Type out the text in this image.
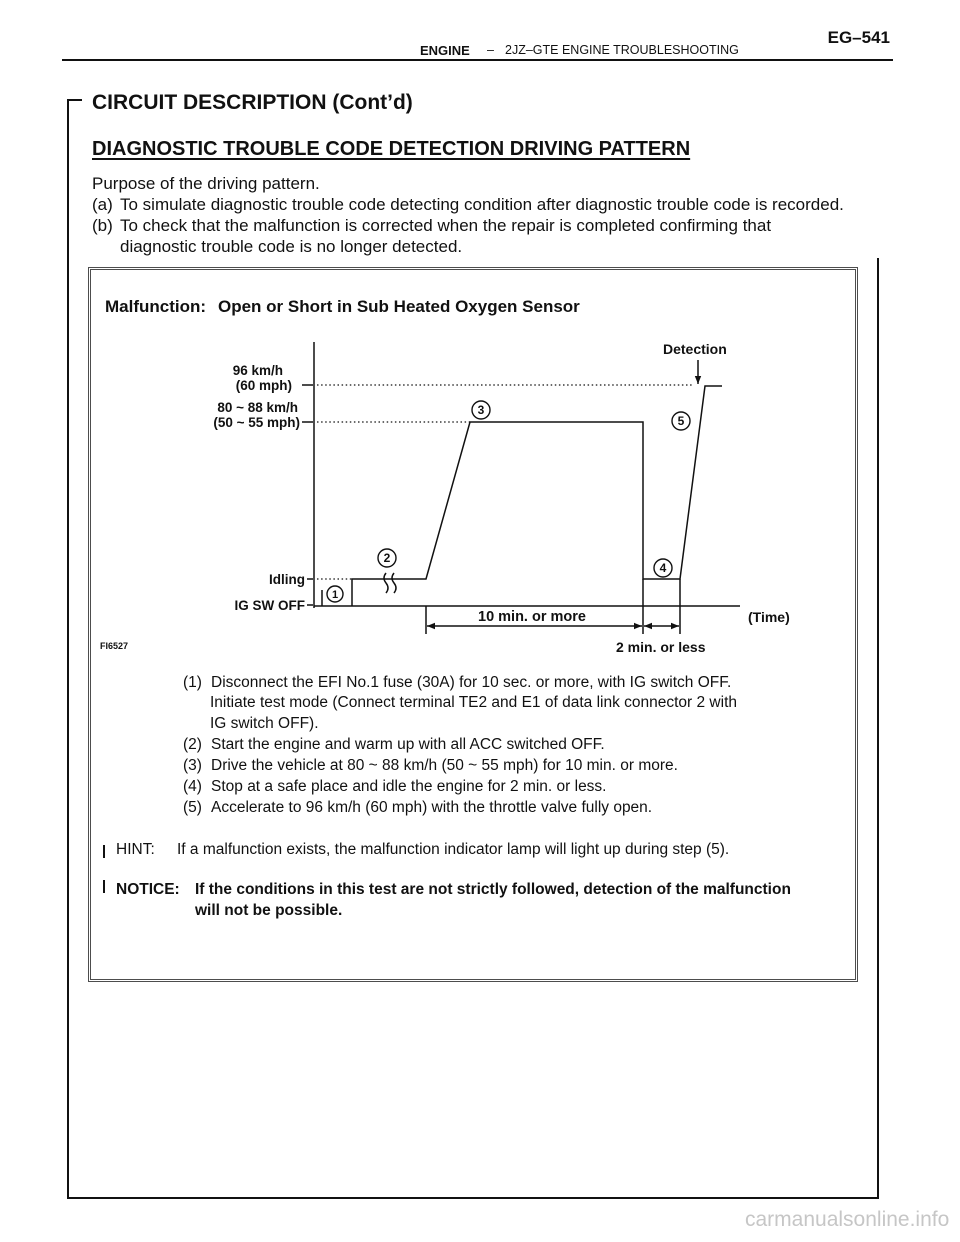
ENGINE – 2JZ–GTE ENGINE TROUBLESHOOTING
EG–541
CIRCUIT DESCRIPTION (Cont’d)
DIAGNOSTIC TROUBLE CODE DETECTION DRIVING PATTERN
Purpose of the driving pattern.
(a) To simulate diagnostic trouble code detecting condition after diagnostic trouble code is recorded.
(b) To check that the malfunction is corrected when the repair is completed confirming that
diagnostic trouble code is no longer detected.
Malfunction: Open or Short in Sub Heated Oxygen Sensor
1
2
3
4
5
96 km/h
(60 mph)
80 ~ 88 km/h
(50 ~ 55 mph)
Idling
IG SW OFF
Detection
10 min. or more
2 min. or less
(Time)
FI6527
(1) Disconnect the EFI No.1 fuse (30A) for 10 sec. or more, with IG switch OFF.
Initiate test mode (Connect terminal TE2 and E1 of data link connector 2 with
IG switch OFF).
(2) Start the engine and warm up with all ACC switched OFF.
(3) Drive the vehicle at 80 ~ 88 km/h (50 ~ 55 mph) for 10 min. or more.
(4) Stop at a safe place and idle the engine for 2 min. or less.
(5) Accelerate to 96 km/h (60 mph) with the throttle valve fully open.
HINT: If a malfunction exists, the malfunction indicator lamp will light up during step (5).
NOTICE: If the conditions in this test are not strictly followed, detection of the malfunction
will not be possible.
carmanualsonline.info
